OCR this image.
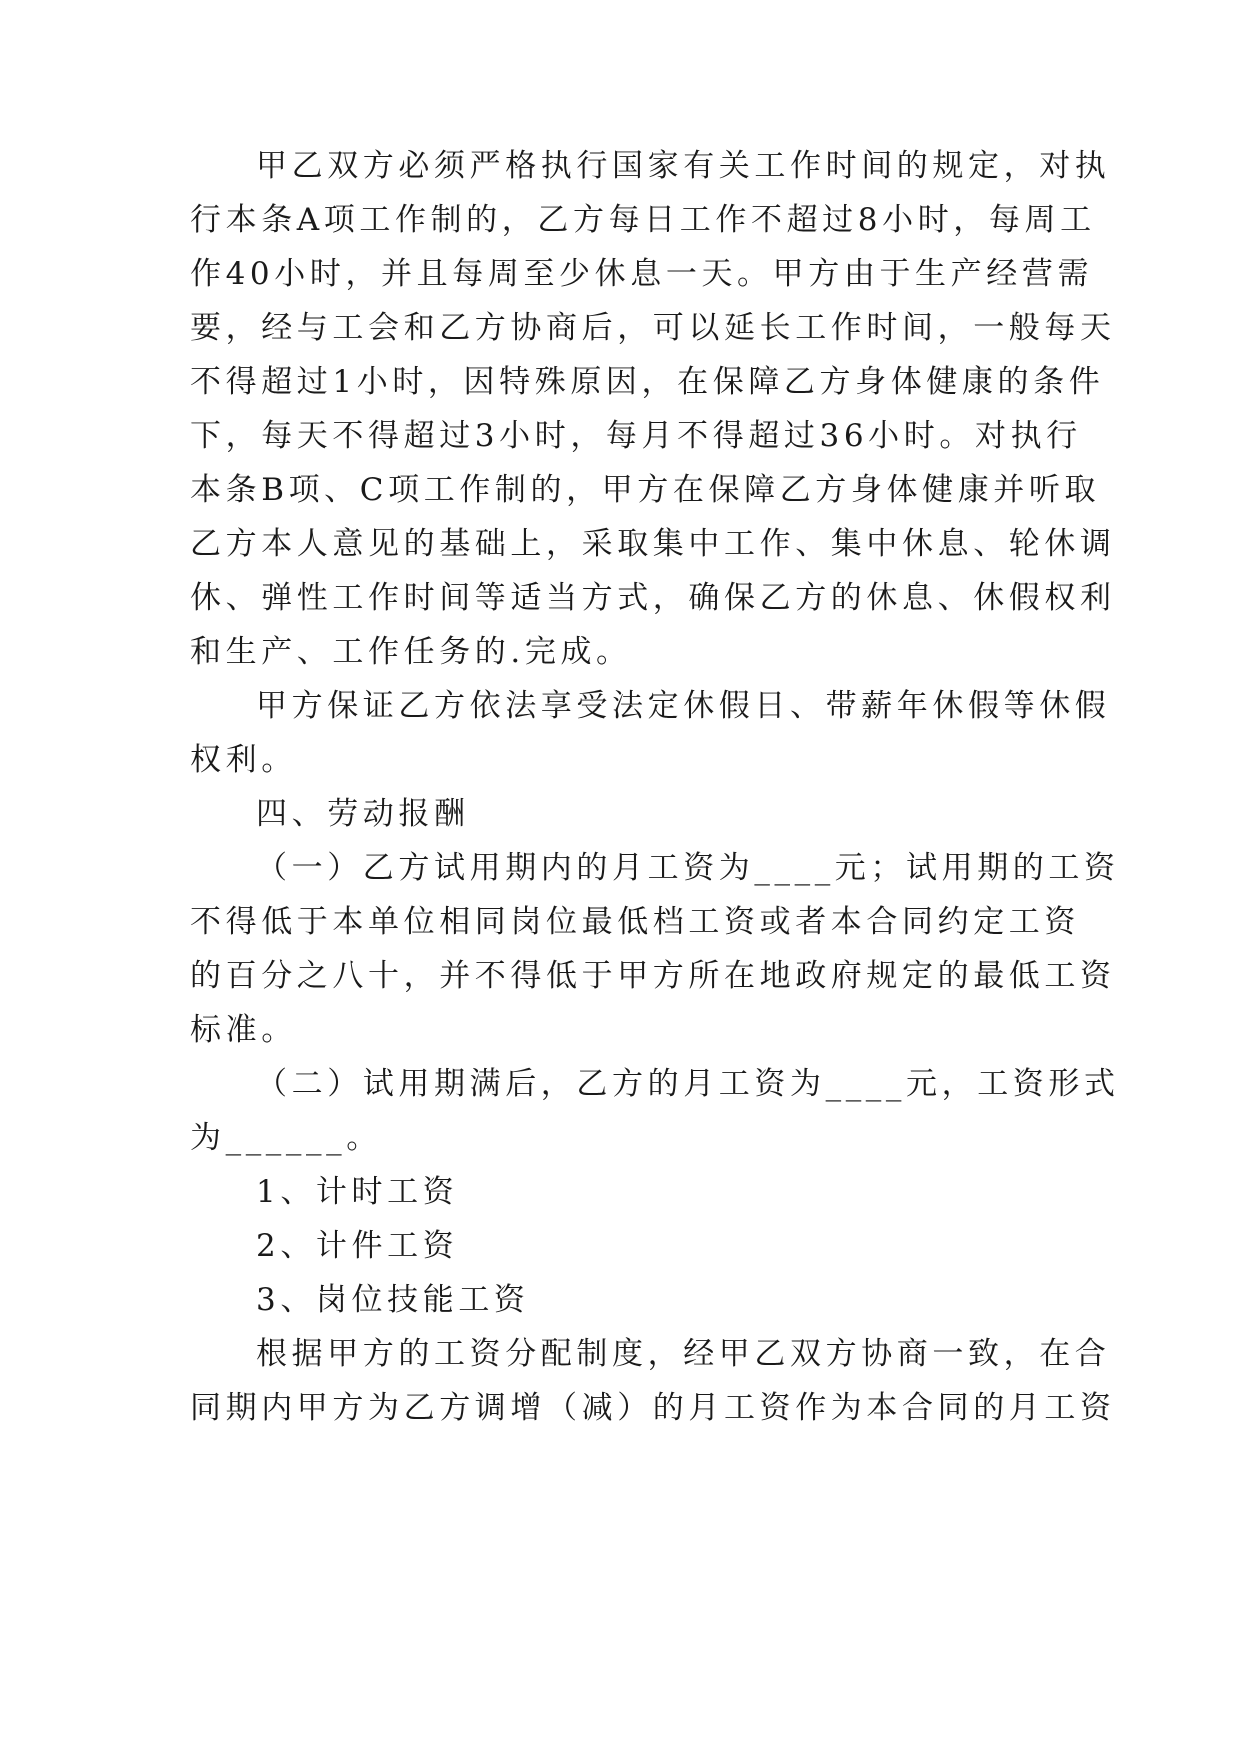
甲乙双方必须严格执行国家有关工作时间的规定，对执
行本条A项工作制的，乙方每日工作不超过8小时，每周工
作40小时，并且每周至少休息一天。甲方由于生产经营需
要，经与工会和乙方协商后，可以延长工作时间，一般每天
不得超过1小时，因特殊原因，在保障乙方身体健康的条件
下，每天不得超过3小时，每月不得超过36小时。对执行
本条B项、C项工作制的，甲方在保障乙方身体健康并听取
乙方本人意见的基础上，采取集中工作、集中休息、轮休调
休、弹性工作时间等适当方式，确保乙方的休息、休假权利
和生产、工作任务的.完成。
甲方保证乙方依法享受法定休假日、带薪年休假等休假
权利。
四、劳动报酬
（一）乙方试用期内的月工资为____元；试用期的工资
不得低于本单位相同岗位最低档工资或者本合同约定工资
的百分之八十，并不得低于甲方所在地政府规定的最低工资
标准。
（二）试用期满后，乙方的月工资为____元，工资形式
为______。
1、计时工资
2、计件工资
3、岗位技能工资
根据甲方的工资分配制度，经甲乙双方协商一致，在合
同期内甲方为乙方调增（减）的月工资作为本合同的月工资
